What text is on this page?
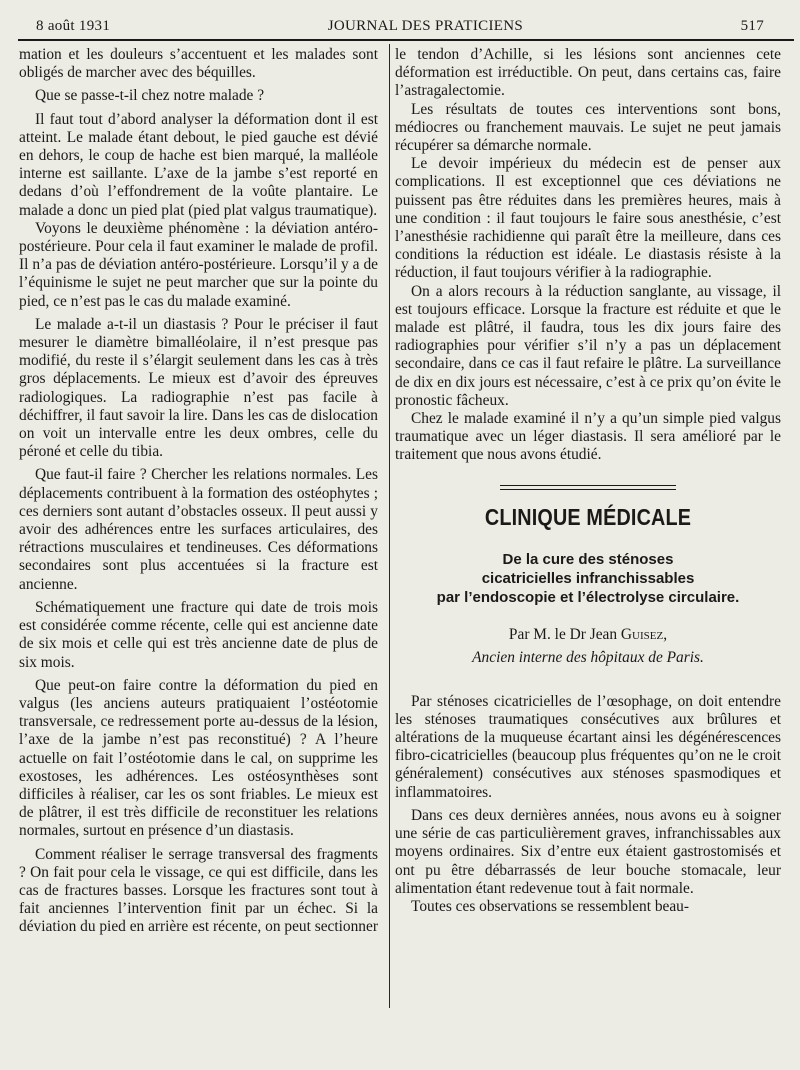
8 août 1931	JOURNAL DES PRATICIENS	517

mation et les douleurs s’accentuent et les malades sont obligés de marcher avec des béquilles.

Que se passe-t-il chez notre malade ?

Il faut tout d’abord analyser la déformation dont il est atteint. Le malade étant debout, le pied gauche est dévié en dehors, le coup de hache est bien marqué, la malléole interne est saillante. L’axe de la jambe s’est reporté en dedans d’où l’effondrement de la voûte plantaire. Le malade a donc un pied plat (pied plat valgus traumatique).

Voyons le deuxième phénomène : la déviation antéro-postérieure. Pour cela il faut examiner le malade de profil. Il n’a pas de déviation antéro-postérieure. Lorsqu’il y a de l’équinisme le sujet ne peut marcher que sur la pointe du pied, ce n’est pas le cas du malade examiné.

Le malade a-t-il un diastasis ? Pour le préciser il faut mesurer le diamètre bimalléolaire, il n’est presque pas modifié, du reste il s’élargit seulement dans les cas à très gros déplacements. Le mieux est d’avoir des épreuves radiologiques. La radiographie n’est pas facile à déchiffrer, il faut savoir la lire. Dans les cas de dislocation on voit un intervalle entre les deux ombres, celle du péroné et celle du tibia.

Que faut-il faire ? Chercher les relations normales. Les déplacements contribuent à la formation des ostéophytes ; ces derniers sont autant d’obstacles osseux. Il peut aussi y avoir des adhérences entre les surfaces articulaires, des rétractions musculaires et tendineuses. Ces déformations secondaires sont plus accentuées si la fracture est ancienne.

Schématiquement une fracture qui date de trois mois est considérée comme récente, celle qui est ancienne date de six mois et celle qui est très ancienne date de plus de six mois.

Que peut-on faire contre la déformation du pied en valgus (les anciens auteurs pratiquaient l’ostéotomie transversale, ce redressement porte au-dessus de la lésion, l’axe de la jambe n’est pas reconstitué) ? A l’heure actuelle on fait l’ostéotomie dans le cal, on supprime les exostoses, les adhérences. Les ostéosynthèses sont difficiles à réaliser, car les os sont friables. Le mieux est de plâtrer, il est très difficile de reconstituer les relations normales, surtout en présence d’un diastasis.

Comment réaliser le serrage transversal des fragments ? On fait pour cela le vissage, ce qui est difficile, dans les cas de fractures basses. Lorsque les fractures sont tout à fait anciennes l’intervention finit par un échec. Si la déviation du pied en arrière est récente, on peut sectionner

le tendon d’Achille, si les lésions sont anciennes cete déformation est irréductible. On peut, dans certains cas, faire l’astragalectomie.

Les résultats de toutes ces interventions sont bons, médiocres ou franchement mauvais. Le sujet ne peut jamais récupérer sa démarche normale.

Le devoir impérieux du médecin est de penser aux complications. Il est exceptionnel que ces déviations ne puissent pas être réduites dans les premières heures, mais à une condition : il faut toujours le faire sous anesthésie, c’est l’anesthésie rachidienne qui paraît être la meilleure, dans ces conditions la réduction est idéale. Le diastasis résiste à la réduction, il faut toujours vérifier à la radiographie.

On a alors recours à la réduction sanglante, au vissage, il est toujours efficace. Lorsque la fracture est réduite et que le malade est plâtré, il faudra, tous les dix jours faire des radiographies pour vérifier s’il n’y a pas un déplacement secondaire, dans ce cas il faut refaire le plâtre. La surveillance de dix en dix jours est nécessaire, c’est à ce prix qu’on évite le pronostic fâcheux.

Chez le malade examiné il n’y a qu’un simple pied valgus traumatique avec un léger diastasis. Il sera amélioré par le traitement que nous avons étudié.

CLINIQUE MÉDICALE
De la cure des sténoses
cicatricielles infranchissables
par l’endoscopie et l’électrolyse circulaire.
Par M. le Dr Jean Guisez,
Ancien interne des hôpitaux de Paris.

Par sténoses cicatricielles de l’œsophage, on doit entendre les sténoses traumatiques consécutives aux brûlures et altérations de la muqueuse écartant ainsi les dégénérescences fibro-cicatricielles (beaucoup plus fréquentes qu’on ne le croit généralement) consécutives aux sténoses spasmodiques et inflammatoires.

Dans ces deux dernières années, nous avons eu à soigner une série de cas particulièrement graves, infranchissables aux moyens ordinaires. Six d’entre eux étaient gastrostomisés et ont pu être débarrassés de leur bouche stomacale, leur alimentation étant redevenue tout à fait normale.

Toutes ces observations se ressemblent beau-
